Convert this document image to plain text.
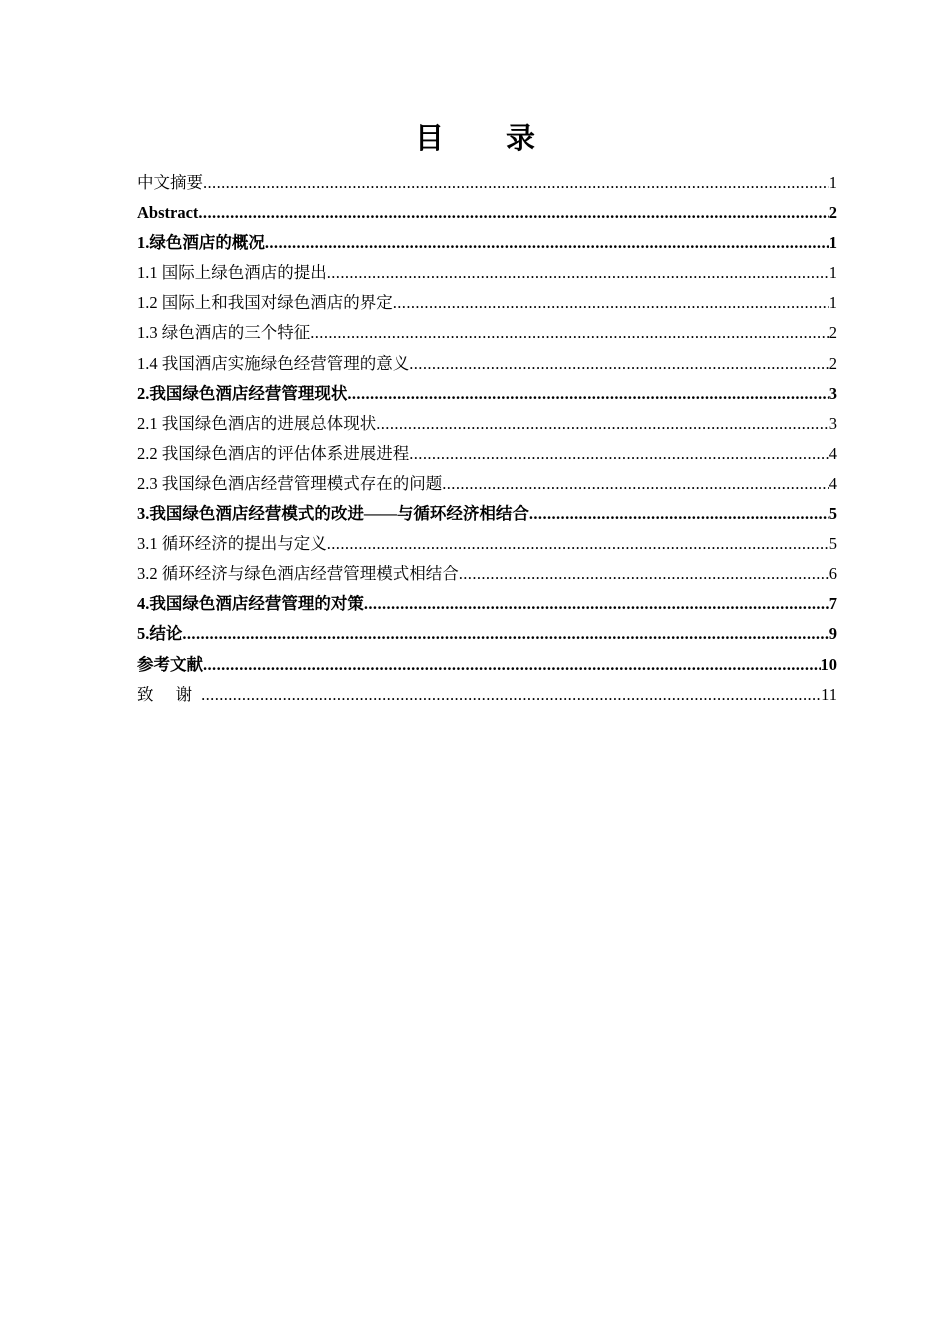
目 录
中文摘要 .....	1
Abstract .....	2
1.绿色酒店的概况 .....	1
1.1 国际上绿色酒店的提出 .....	1
1.2 国际上和我国对绿色酒店的界定 .....	1
1.3 绿色酒店的三个特征 .....	2
1.4 我国酒店实施绿色经营管理的意义 .....	2
2.我国绿色酒店经营管理现状 .....	3
2.1 我国绿色酒店的进展总体现状 .....	3
2.2 我国绿色酒店的评估体系进展进程 .....	4
2.3 我国绿色酒店经营管理模式存在的问题 .....	4
3.我国绿色酒店经营模式的改进——与循环经济相结合 .....	5
3.1 循环经济的提出与定义 .....	5
3.2 循环经济与绿色酒店经营管理模式相结合 .....	6
4.我国绿色酒店经营管理的对策 .....	7
5.结论 .....	9
参考文献 .....	10
致 谢 .....	11
